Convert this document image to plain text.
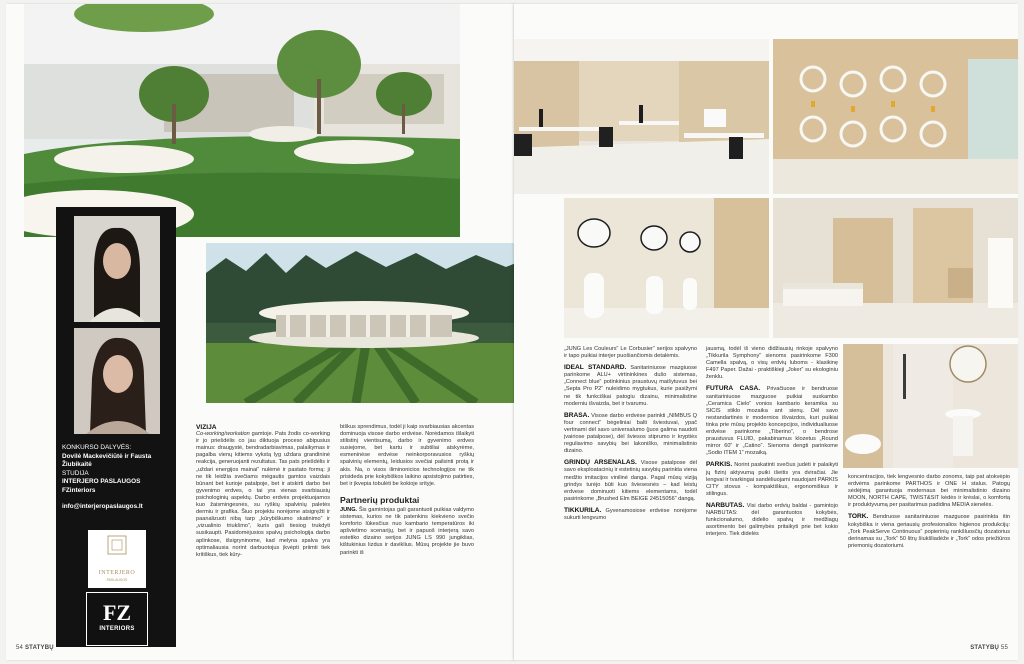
KONKURSO DALYVĖS:
Dovilė Mackevičiūtė ir Fausta Žiubikaitė
STUDIJA
INTERJERO PASLAUGOS FZinteriors
info@interjeropaslaugos.lt
INTERJERO
PASLAUGOS
FZ
INTERIORS

VIZIJA

Co-working/workation gamtoje. Pats žodis co-working ir jo priešdėlis co jau diktuoja proceso abipusius mainus: draugystė, bendradarbiavimas, palaikymas ir pagalba vienų kitiems vykstą lyg uždara grandininė reakcija, generuojanti rezultatus. Tas pats priešdėlis ir „uždari energijos mainai“ nulėmė ir pastato formą: ji ne tik leidžia svečiams mėgautis gamtos vaizdais būnant bet kurioje patalpoje, bet ir atskirti darbo bei gyvenimo erdves, o tai yra vienas svarbiausių psichologinių aspektų. Darbo erdvės projektuojamos kuo žaismingesnės, su ryškių spalvinių paletės dermiu ir grafika. Šiuo projektu norėjome atsigręžti ir paanalizuoti nibą tarp „kūrybiškumo skatinimo“ ir „vizualinio triukšmo“, kuris gali tiesiog trukdyti susikaupti. Pasidomėjusios spalvų psichologija darbo aplinkose, išsigryninome, kad melyna spalva yra optimaliausia norint darbuotojus įkvėpti priimti tiek kritiškus, tiek kūry-

biškus sprendimus, todėl ji kaip svarbiausias akcentas dominuoja visose darbo erdvėse. Norėdamos išlaikyti stilistinį vientisumą, darbo ir gyvenimo erdves susiejome, bet kartu ir subtiliai atskyrėme, esmeninėse erdvėse neinkorporavusios ryškių spalvinių elementų, leidusios svečiai pailsinti protą ir akis. Na, o visos iliminonicios technologijos ne tik prisideda prie kokybiškos laikino apsistojimo patirties, bet ir įkvepia tobulėti be kokioje srityje.

Partnerių produktai

JUNG. Šis gamintojas gali garantuoti puikias valdymo sistemas, kurios ne tik patenkins kiekvieno svečio komforto lūkesčius nuo kambario temperatūros iki apšvietimo scenarijų, bet ir papuoš interjerą savo estetiko dizaino serijos JUNG LS 990 jungiklias, kištukinius lizdus ir daviklius. Mūsų projekte jie buvo parinkti iš

54 STATYBŲ

„JUNG Les Couleurs“ Le Corbusier“ serijos spalvyno ir tapo puikiai interjer puošiančiomis detalėmis.

IDEAL STANDARD. Sanitariniuose mazgiuose parinkome ALU+ virtininkines dušo sistemas, „Connect blue“ potinkinius praustuvų maišytuvus bei „Septa Pro P2“ nuleidimo mygtukus, kurie pasižymi ne tik funkciškai patogiu dizainu, minimalistine moderniu išvaizda, bet ir tvarumu.

BRASA. Visose darbo erdvėse parinkti „NIMBUS Q four connect“ bėgeliniai balti šviestuvai, ypač vertinami dėl savo universalumo (juos galima naudoti įvairiose patalpose), dėl šviesos stiprumo ir kryptiės reguliavimo savybių bei lakoniško, minimalistinio dizaino.

GRINDŲ ARSENALAS. Visose patalpose dėl savo eksploatacinių ir estetinių savybių parinkta viena medžio imitacijos vinilinė danga. Pagal mūsų viziją grindys turėjo būti kuo šviesesnės – kad leistų erdvese dominuoti kitiems elementams, todėl pasirinkome „Brushed Elm BEIGE 24515056“ dangą.

TIKKURILA. Gyvenamosiose erdvėse norėjome sukurti lengvumo

jausmą, todėl iš vieno didžiausių rinkoje spalvyno „Tikkurila Symphony“ sienoms pasirinkome F300 Camella spalvą, o visų erdvių luboms - klasikinę F497 Paper. Dažai - praktiškieji „Joker“ su ekologiniu ženklu.

FUTURA CASA. Privačiuose ir bendruose sanitariniuose mazguose puikiai suskambo „Ceramica Cielo“ vonios kambario keramika su SICIS stiklo mozaika ant sienų. Dėl savo nestandartinės ir modernios išvaizdos, kuri puikiai tinka prie mūsų projekto koncepcijos, individualiuose erdvėse parinkome „Tiberino“, o bendrose praustuvus FLUID, pakabinamus klozetus „Round mirror 60“ ir „Catino“. Sienoms dengti parinkome „Sodio ITEM 1“ mozaiką.

PARKIS. Norint paskatinti svečius judėti ir palaikyti jų fizinį aktyvumą puiki išeitis yra dviračiai. Jie lengvai ir tvarkingai sandėliuojami naudojant PARKIS CITY stovus - kompaktiškus, ergonomiškus ir stilingus.

NARBUTAS. Visi darbo erdvių baldai - gamintojo NARBUTAS: dėl garantuotos kokybės, funkcionalumo, didelio spalvų ir medžiagų asortimento bei galimybės pritaikyti prie bet kokio interjero. Tiek didelės

koncentracijos, tiek lengvesnio darbo zonoms, taip pat atokvėpio erdvėms parinkome PARTHOS ir ONE H stalus. Patogų sėdėjimą garantuoja modernaus bei minimalistinio dizaino MOON, NORTH CAPE, TWIST&SIT kėdės ir krėslai, o komfortą ir produktyvumą per pasitarimus padidina MEDIA sienelės.

TORK. Bendruose sanitariniuose mazguose pasirinkta itin kokybiška ir viena geriausių profesionalios higienos produkcijų: „Tork PeakServe Continuous“ popierinių rankšluosčių dozatorius derinamas su „Tork“ 50 litrų šiukšliadėže ir „Tork“ odos priežiūros priemonių dozatoriumi.

STATYBŲ 55
